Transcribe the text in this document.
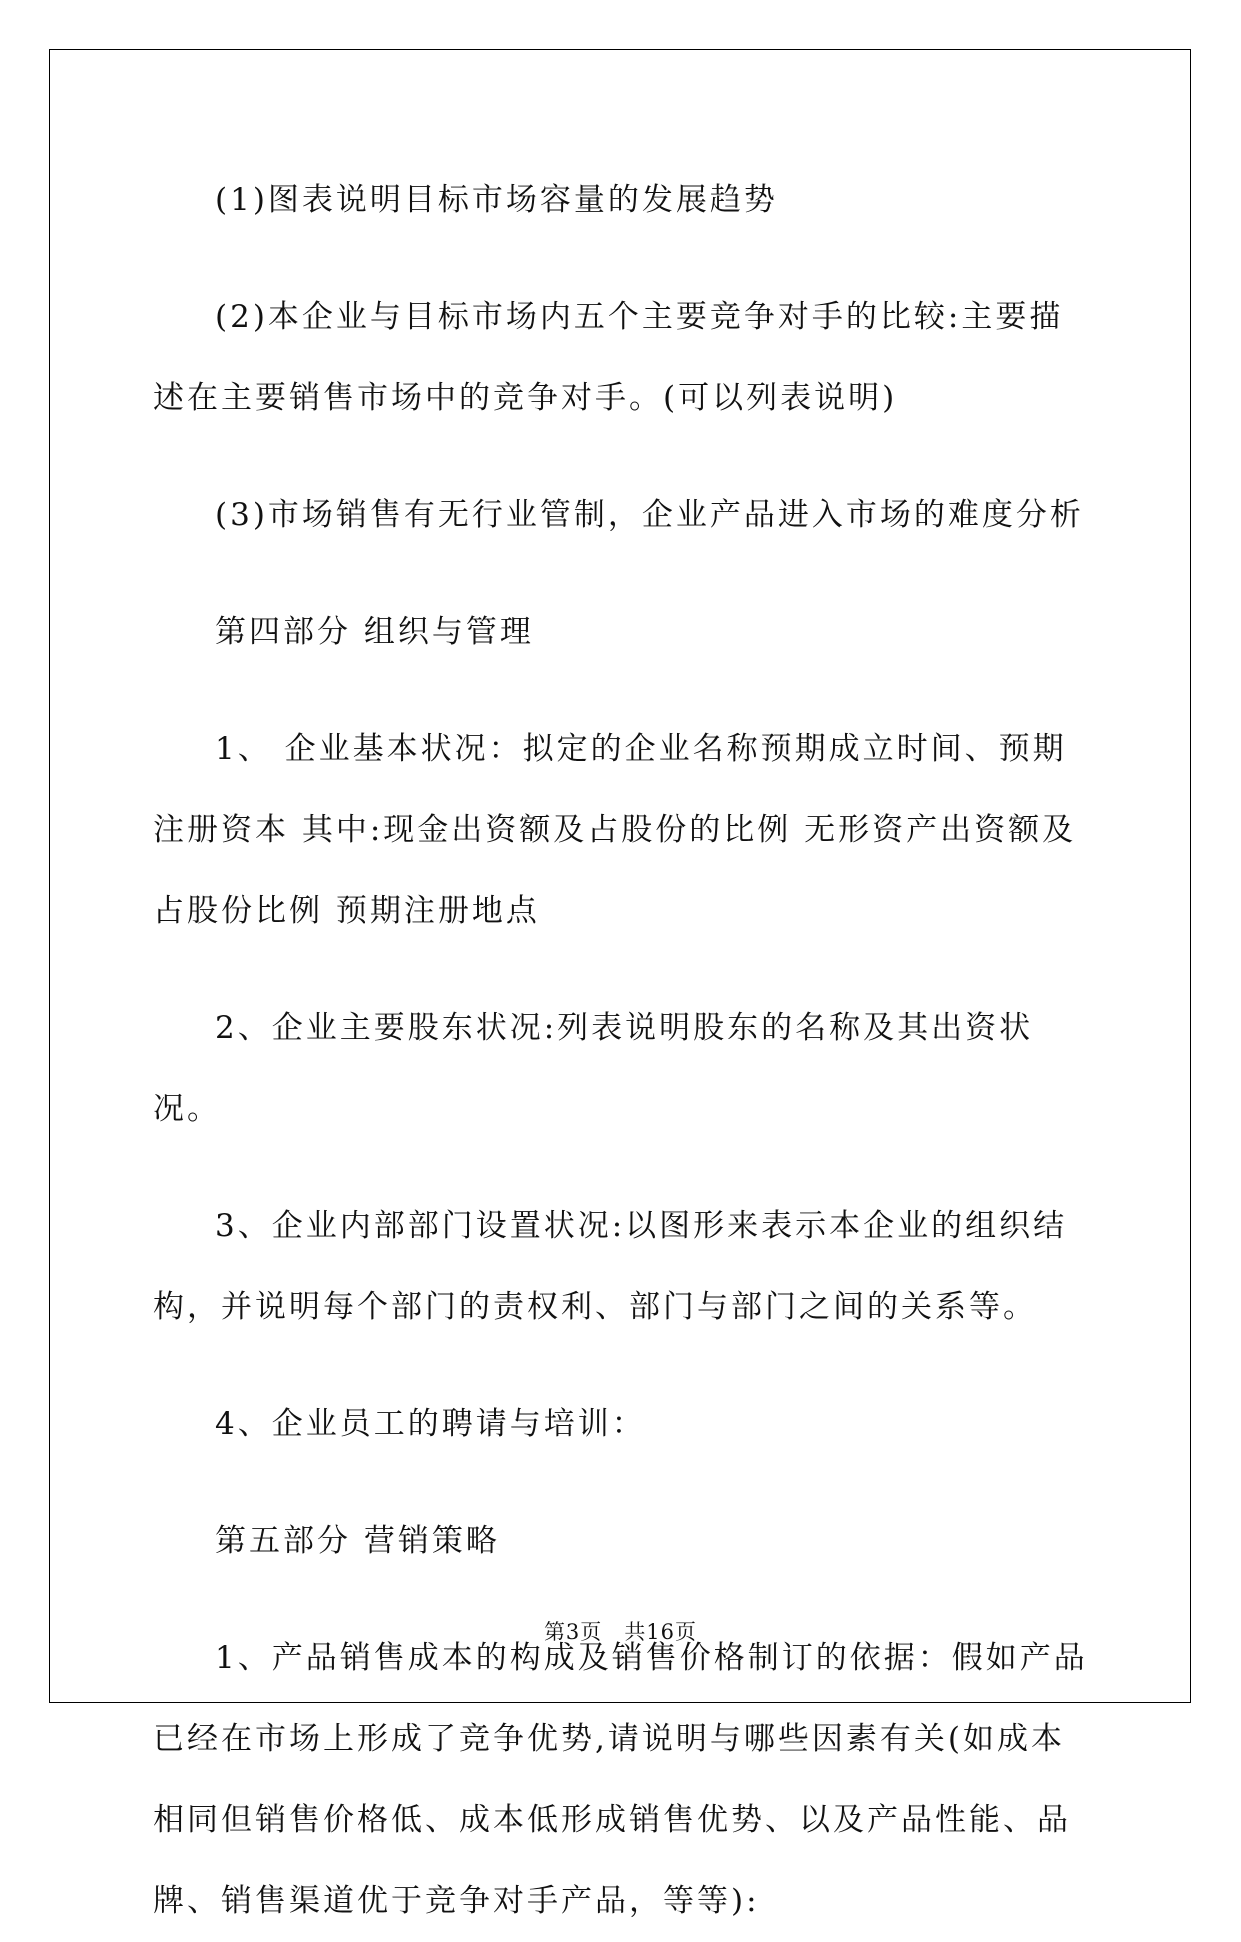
(1)图表说明目标市场容量的发展趋势

(2)本企业与目标市场内五个主要竞争对手的比较:主要描述在主要销售市场中的竞争对手。(可以列表说明)

(3)市场销售有无行业管制，企业产品进入市场的难度分析

第四部分 组织与管理

1、 企业基本状况：拟定的企业名称预期成立时间、预期注册资本 其中:现金出资额及占股份的比例 无形资产出资额及占股份比例 预期注册地点

2、企业主要股东状况:列表说明股东的名称及其出资状况。

3、企业内部部门设置状况:以图形来表示本企业的组织结构，并说明每个部门的责权利、部门与部门之间的关系等。

4、企业员工的聘请与培训：

第五部分 营销策略

1、产品销售成本的构成及销售价格制订的依据：假如产品已经在市场上形成了竞争优势,请说明与哪些因素有关(如成本相同但销售价格低、成本低形成销售优势、以及产品性能、品牌、销售渠道优于竞争对手产品，等等):

第3页 共16页
